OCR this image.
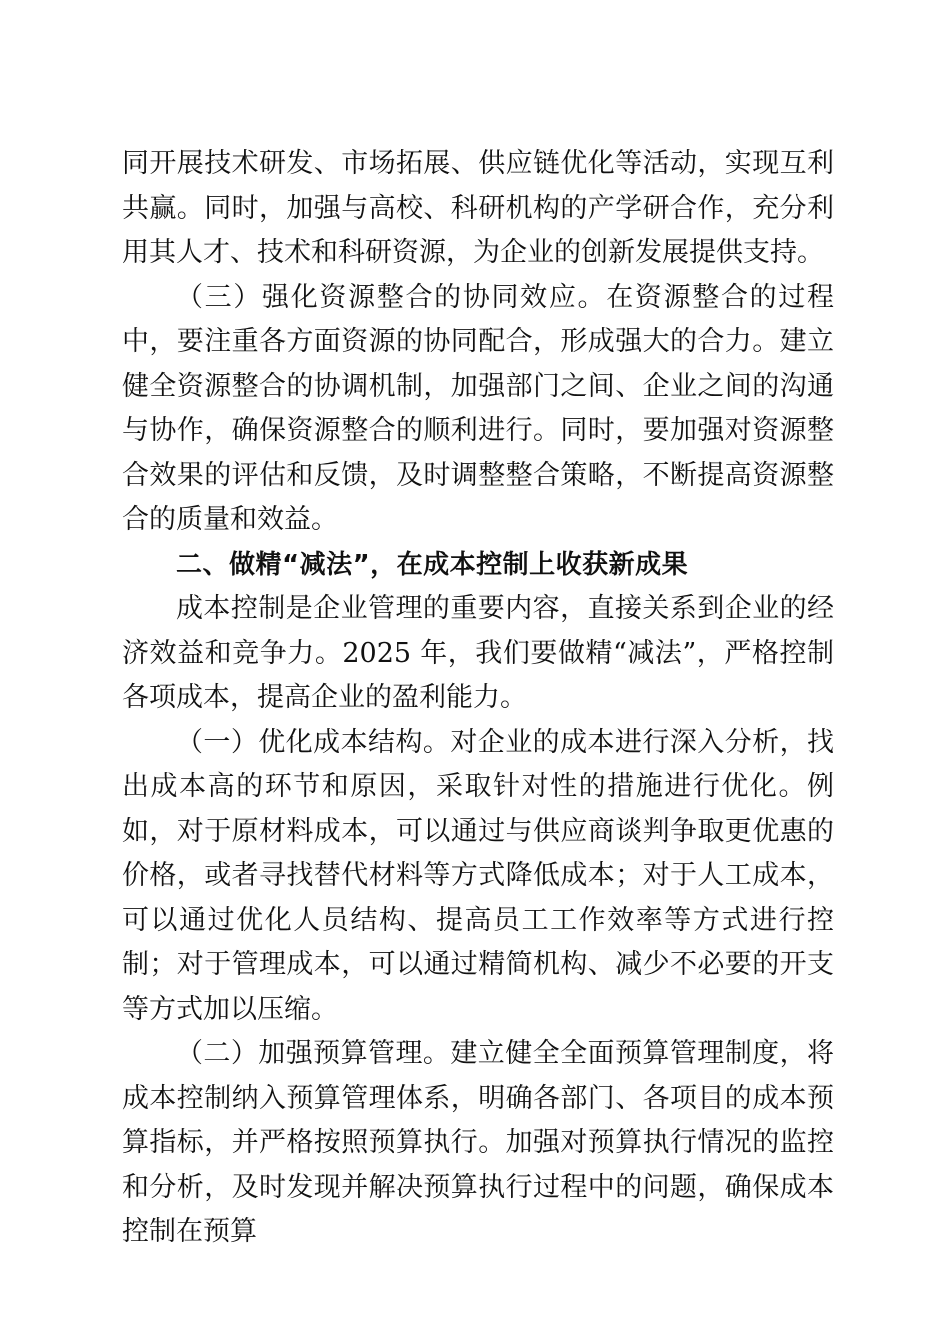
同开展技术研发、市场拓展、供应链优化等活动，实现互利共赢。同时，加强与高校、科研机构的产学研合作，充分利用其人才、技术和科研资源，为企业的创新发展提供支持。

（三）强化资源整合的协同效应。在资源整合的过程中，要注重各方面资源的协同配合，形成强大的合力。建立健全资源整合的协调机制，加强部门之间、企业之间的沟通与协作，确保资源整合的顺利进行。同时，要加强对资源整合效果的评估和反馈，及时调整整合策略，不断提高资源整合的质量和效益。

二、做精“减法”，在成本控制上收获新成果

成本控制是企业管理的重要内容，直接关系到企业的经济效益和竞争力。2025 年，我们要做精“减法”，严格控制各项成本，提高企业的盈利能力。

（一）优化成本结构。对企业的成本进行深入分析，找出成本高的环节和原因，采取针对性的措施进行优化。例如，对于原材料成本，可以通过与供应商谈判争取更优惠的价格，或者寻找替代材料等方式降低成本；对于人工成本，可以通过优化人员结构、提高员工工作效率等方式进行控制；对于管理成本，可以通过精简机构、减少不必要的开支等方式加以压缩。

（二）加强预算管理。建立健全全面预算管理制度，将成本控制纳入预算管理体系，明确各部门、各项目的成本预算指标，并严格按照预算执行。加强对预算执行情况的监控和分析，及时发现并解决预算执行过程中的问题，确保成本控制在预算
